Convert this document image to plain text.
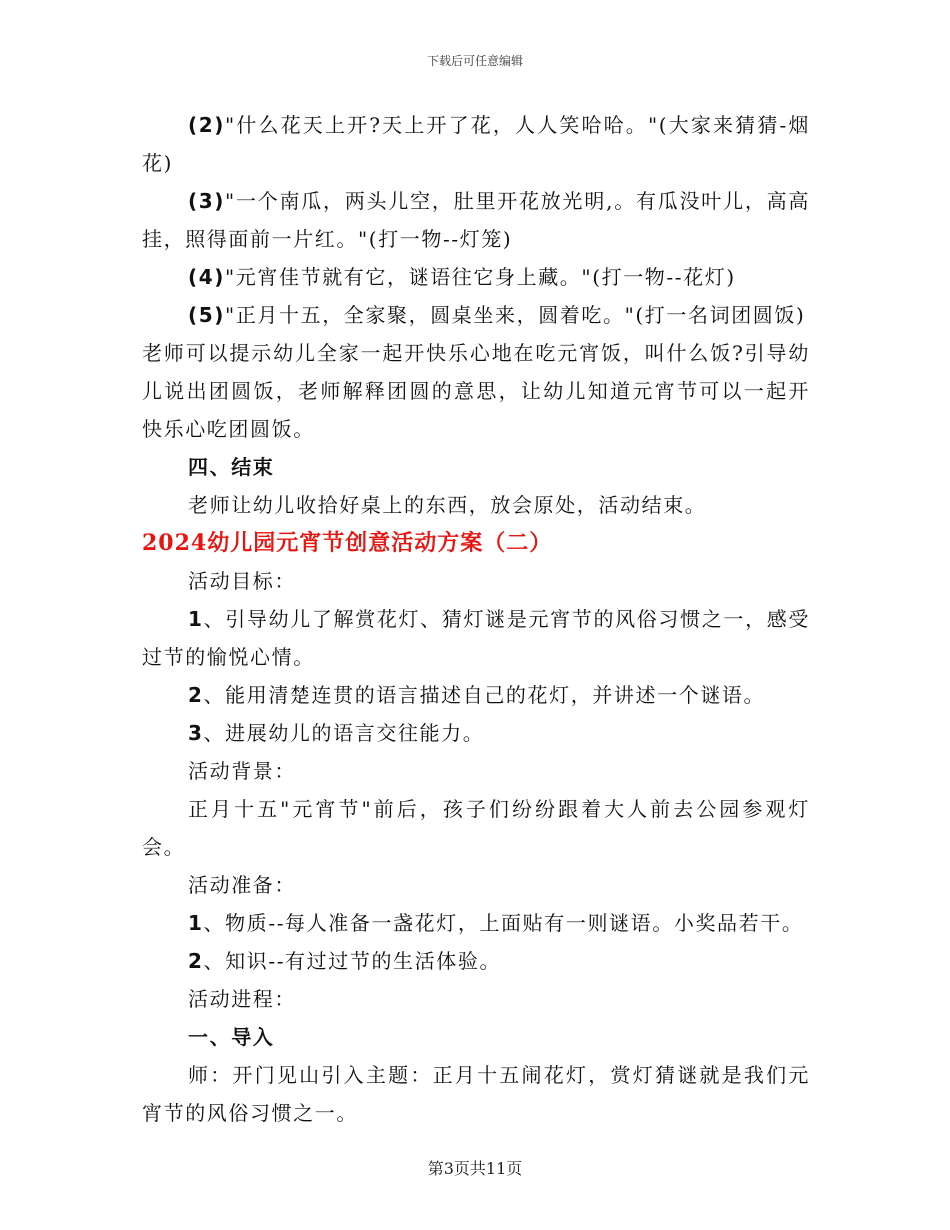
下载后可任意编辑

(2)"什么花天上开?天上开了花，人人笑哈哈。"(大家来猜猜-烟花)

(3)"一个南瓜，两头儿空，肚里开花放光明,。有瓜没叶儿，高高挂，照得面前一片红。"(打一物--灯笼)

(4)"元宵佳节就有它，谜语往它身上藏。"(打一物--花灯)

(5)"正月十五，全家聚，圆桌坐来，圆着吃。"(打一名词团圆饭)

老师可以提示幼儿全家一起开快乐心地在吃元宵饭，叫什么饭?引导幼儿说出团圆饭，老师解释团圆的意思，让幼儿知道元宵节可以一起开快乐心吃团圆饭。

四、结束

老师让幼儿收拾好桌上的东西，放会原处，活动结束。

2024幼儿园元宵节创意活动方案（二）

活动目标：

1、引导幼儿了解赏花灯、猜灯谜是元宵节的风俗习惯之一，感受过节的愉悦心情。

2、能用清楚连贯的语言描述自己的花灯，并讲述一个谜语。

3、进展幼儿的语言交往能力。

活动背景：

正月十五"元宵节"前后，孩子们纷纷跟着大人前去公园参观灯会。

活动准备：

1、物质--每人准备一盏花灯，上面贴有一则谜语。小奖品若干。

2、知识--有过过节的生活体验。

活动进程：

一、导入

师：开门见山引入主题：正月十五闹花灯，赏灯猜谜就是我们元宵节的风俗习惯之一。

第3页共11页
